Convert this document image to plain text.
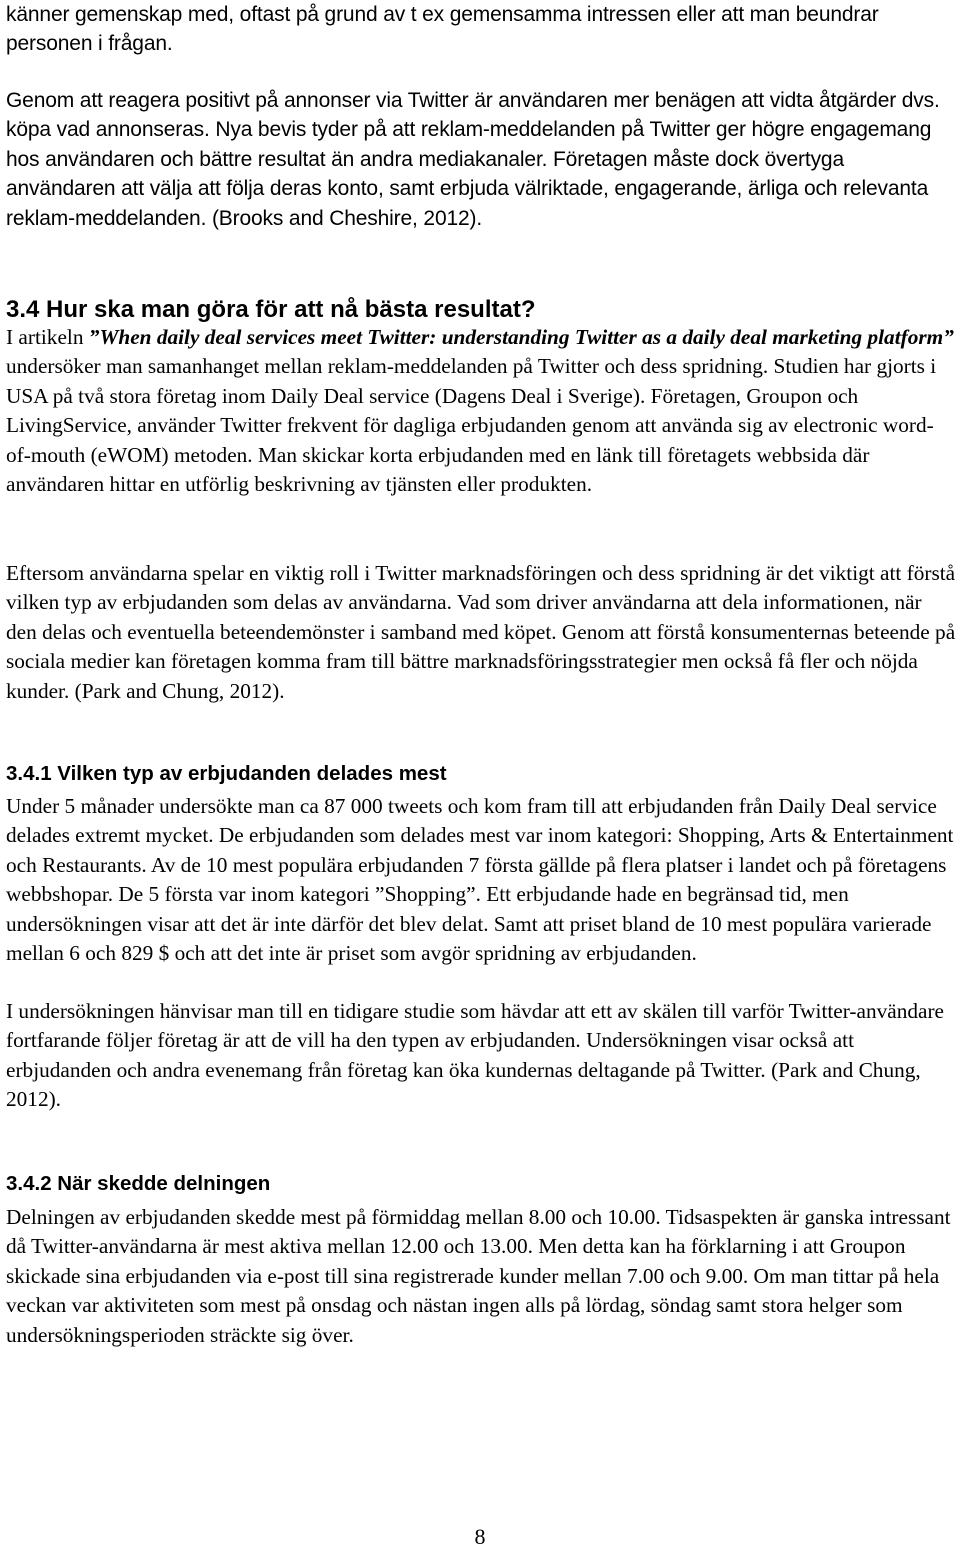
känner gemenskap med, oftast på grund av t ex gemensamma intressen eller att man beundrar personen i frågan.

Genom att reagera positivt på annonser via Twitter är användaren mer benägen att vidta åtgärder dvs. köpa vad annonseras. Nya bevis tyder på att reklam-meddelanden på Twitter ger högre engagemang hos användaren och bättre resultat än andra mediakanaler. Företagen måste dock övertyga användaren att välja att följa deras konto, samt erbjuda välriktade, engagerande, ärliga och relevanta reklam-meddelanden. (Brooks and Cheshire, 2012).

3.4 Hur ska man göra för att nå bästa resultat?

I artikeln ”When daily deal services meet Twitter: understanding Twitter as a daily deal marketing platform” undersöker man samanhanget mellan reklam-meddelanden på Twitter och dess spridning. Studien har gjorts i USA på två stora företag inom Daily Deal service (Dagens Deal i Sverige). Företagen, Groupon och LivingService, använder Twitter frekvent för dagliga erbjudanden genom att använda sig av electronic word-of-mouth (eWOM) metoden. Man skickar korta erbjudanden med en länk till företagets webbsida där användaren hittar en utförlig beskrivning av tjänsten eller produkten.

Eftersom användarna spelar en viktig roll i Twitter marknadsföringen och dess spridning är det viktigt att förstå vilken typ av erbjudanden som delas av användarna. Vad som driver användarna att dela informationen, när den delas och eventuella beteendemönster i samband med köpet. Genom att förstå konsumenternas beteende på sociala medier kan företagen komma fram till bättre marknadsföringsstrategier men också få fler och nöjda kunder. (Park and Chung, 2012).

3.4.1 Vilken typ av erbjudanden delades mest

Under 5 månader undersökte man ca 87 000 tweets och kom fram till att erbjudanden från Daily Deal service delades extremt mycket. De erbjudanden som delades mest var inom kategori: Shopping, Arts & Entertainment och Restaurants. Av de 10 mest populära erbjudanden 7 första gällde på flera platser i landet och på företagens webbshopar. De 5 första var inom kategori ”Shopping”. Ett erbjudande hade en begränsad tid, men undersökningen visar att det är inte därför det blev delat. Samt att priset bland de 10 mest populära varierade mellan 6 och 829 $ och att det inte är priset som avgör spridning av erbjudanden.

I undersökningen hänvisar man till en tidigare studie som hävdar att ett av skälen till varför Twitter-användare fortfarande följer företag är att de vill ha den typen av erbjudanden. Undersökningen visar också att erbjudanden och andra evenemang från företag kan öka kundernas deltagande på Twitter. (Park and Chung, 2012).

3.4.2 När skedde delningen

Delningen av erbjudanden skedde mest på förmiddag mellan 8.00 och 10.00. Tidsaspekten är ganska intressant då Twitter-användarna är mest aktiva mellan 12.00 och 13.00. Men detta kan ha förklarning i att Groupon skickade sina erbjudanden via e-post till sina registrerade kunder mellan 7.00 och 9.00. Om man tittar på hela veckan var aktiviteten som mest på onsdag och nästan ingen alls på lördag, söndag samt stora helger som undersökningsperioden sträckte sig över.

8
